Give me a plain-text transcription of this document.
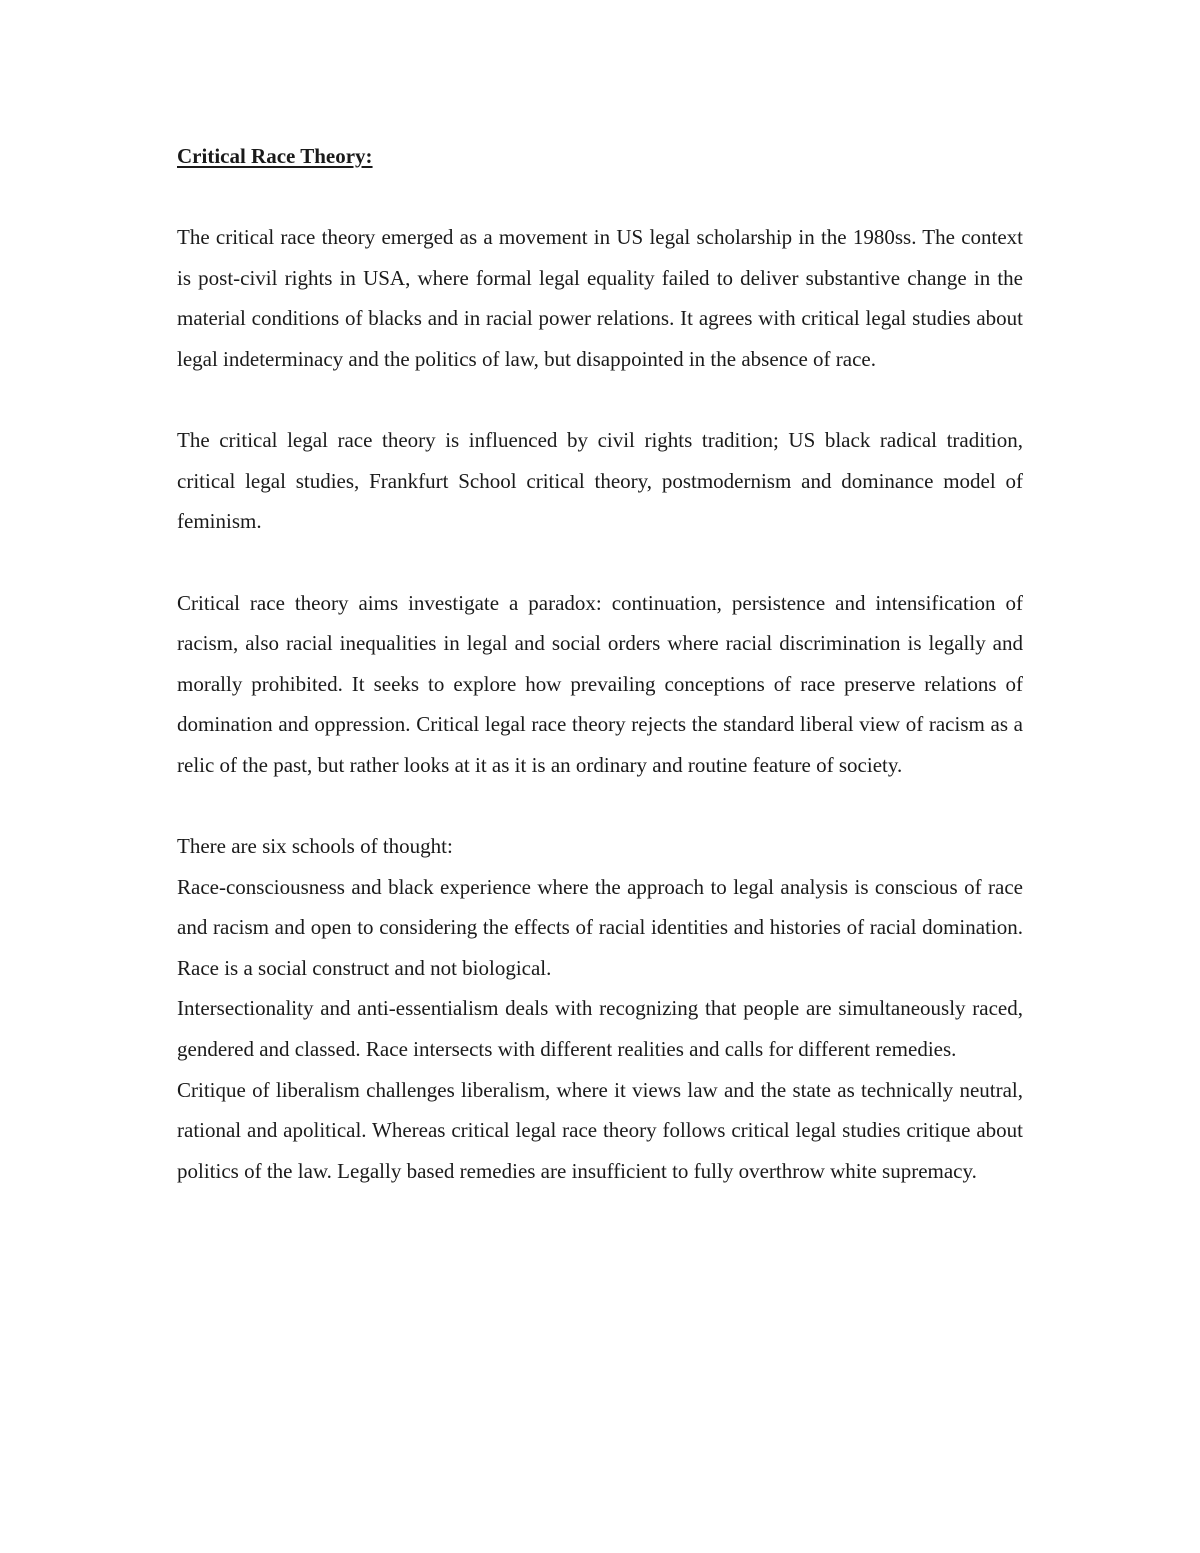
Critical Race Theory:

The critical race theory emerged as a movement in US legal scholarship in the 1980ss. The context is post-civil rights in USA, where formal legal equality failed to deliver substantive change in the material conditions of blacks and in racial power relations. It agrees with critical legal studies about legal indeterminacy and the politics of law, but disappointed in the absence of race.

The critical legal race theory is influenced by civil rights tradition; US black radical tradition, critical legal studies, Frankfurt School critical theory, postmodernism and dominance model of feminism.

Critical race theory aims investigate a paradox: continuation, persistence and intensification of racism, also racial inequalities in legal and social orders where racial discrimination is legally and morally prohibited. It seeks to explore how prevailing conceptions of race preserve relations of domination and oppression. Critical legal race theory rejects the standard liberal view of racism as a relic of the past, but rather looks at it as it is an ordinary and routine feature of society.

There are six schools of thought:

Race-consciousness and black experience where the approach to legal analysis is conscious of race and racism and open to considering the effects of racial identities and histories of racial domination. Race is a social construct and not biological.

Intersectionality and anti-essentialism deals with recognizing that people are simultaneously raced, gendered and classed. Race intersects with different realities and calls for different remedies.

Critique of liberalism challenges liberalism, where it views law and the state as technically neutral, rational and apolitical. Whereas critical legal race theory follows critical legal studies critique about politics of the law. Legally based remedies are insufficient to fully overthrow white supremacy.
